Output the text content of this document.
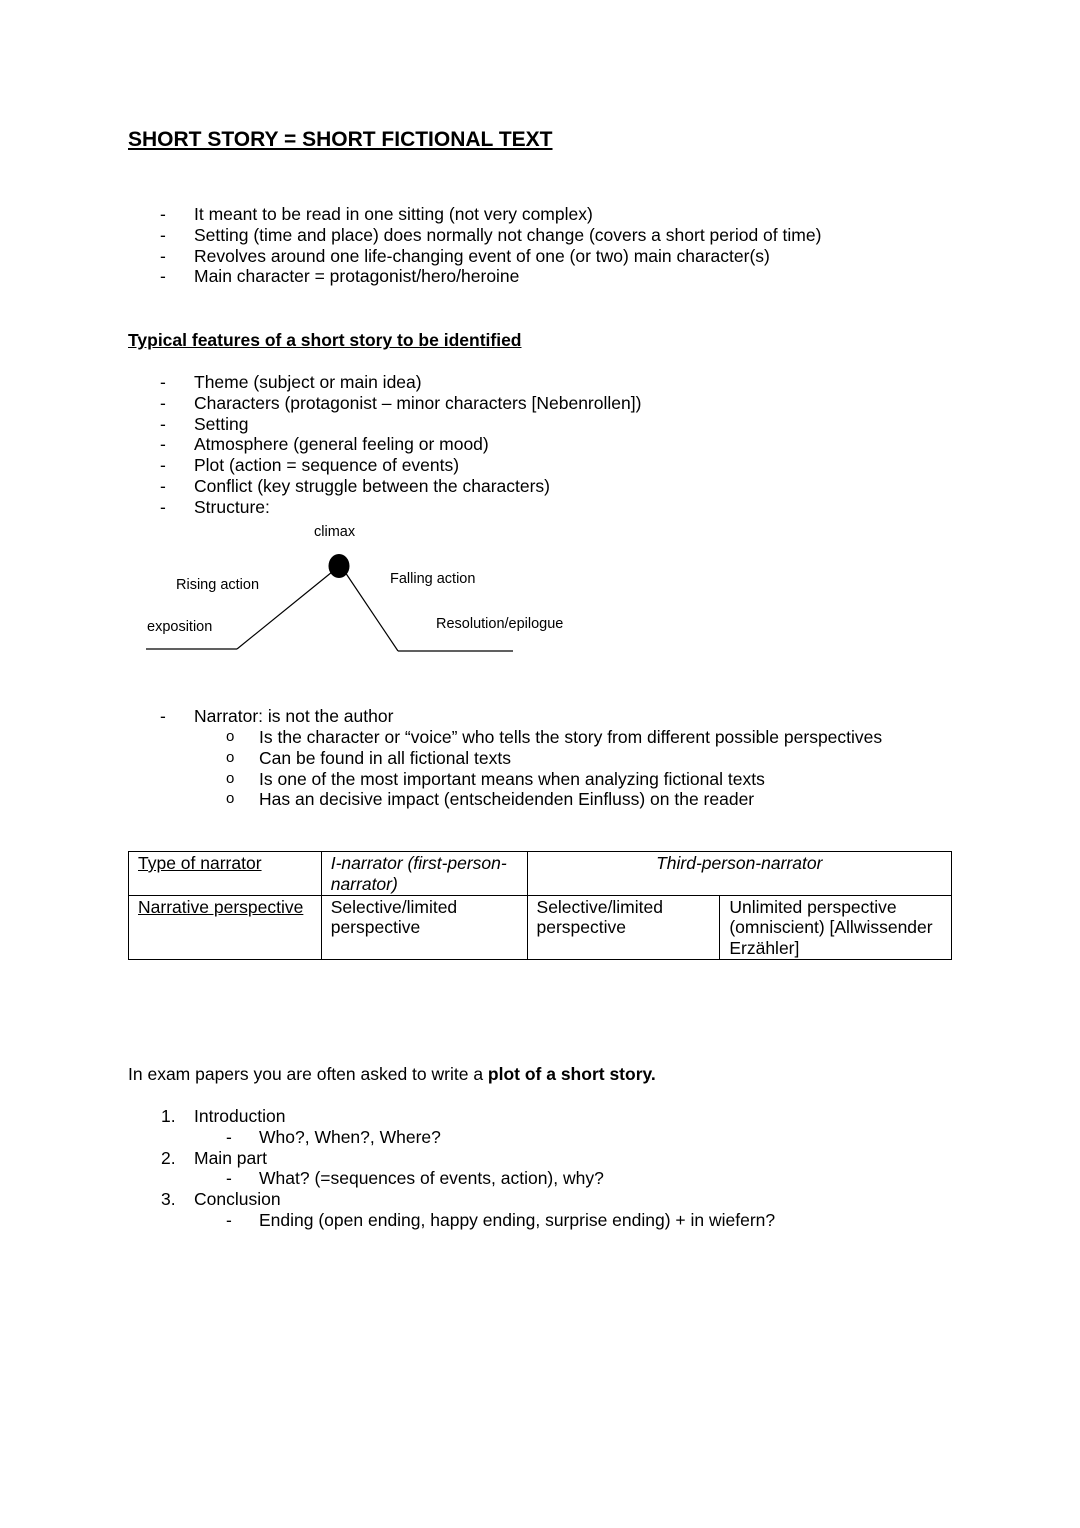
SHORT STORY = SHORT FICTIONAL TEXT
- It meant to be read in one sitting (not very complex)
- Setting (time and place) does normally not change (covers a short period of time)
- Revolves around one life-changing event of one (or two) main character(s)
- Main character = protagonist/hero/heroine
Typical features of a short story to be identified
- Theme (subject or main idea)
- Characters (protagonist – minor characters [Nebenrollen])
- Setting
- Atmosphere (general feeling or mood)
- Plot (action = sequence of events)
- Conflict (key struggle between the characters)
- Structure:
climax
Rising action	Falling action
exposition	Resolution/epilogue
- Narrator: is not the author
o Is the character or “voice” who tells the story from different possible perspectives
o Can be found in all fictional texts
o Is one of the most important means when analyzing fictional texts
o Has an decisive impact (entscheidenden Einfluss) on the reader
Type of narrator	I-narrator (first-person-narrator)	Third-person-narrator	
Narrative perspective	Selective/limited perspective	Selective/limited perspective	Unlimited perspective (omniscient) [Allwissender Erzähler]

In exam papers you are often asked to write a plot of a short story.

1. Introduction
- Who?, When?, Where?
2. Main part
- What? (=sequences of events, action), why?
3. Conclusion
- Ending (open ending, happy ending, surprise ending) + in wiefern?
